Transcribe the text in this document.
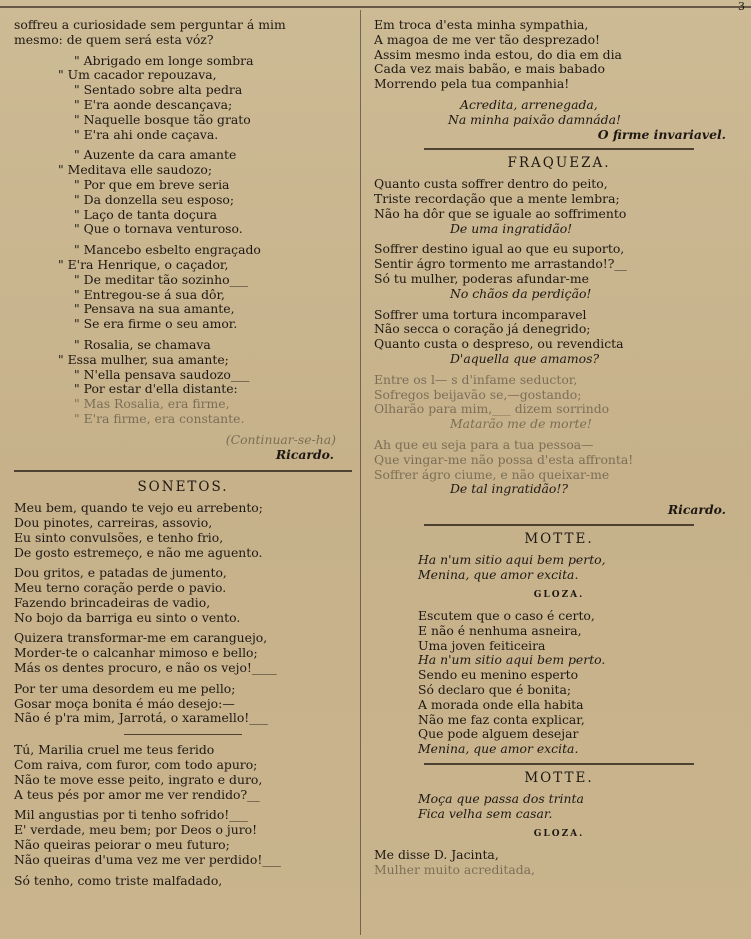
3
soffreu a curiosidade sem perguntar á mim
mesmo: de quem será esta vóz?
" Abrigado em longe sombra
" Um cacador repouzava,
" Sentado sobre alta pedra
" E'ra aonde descançava;
" Naquelle bosque tão grato
" E'ra ahi onde caçava.
" Auzente da cara amante
" Meditava elle saudozo;
" Por que em breve seria
" Da donzella seu esposo;
" Laço de tanta doçura
" Que o tornava venturoso.
" Mancebo esbelto engraçado
" E'ra Henrique, o caçador,
" De meditar tão sozinho___
" Entregou-se á sua dôr,
" Pensava na sua amante,
" Se era firme o seu amor.
" Rosalia, se chamava
" Essa mulher, sua amante;
" N'ella pensava saudozo___
" Por estar d'ella distante:
" Mas Rosalia, era firme,
" E'ra firme, era constante.
(Continuar-se-ha)
Ricardo.
SONETOS.
Meu bem, quando te vejo eu arrebento;
Dou pinotes, carreiras, assovio,
Eu sinto convulsões, e tenho frio,
De gosto estremeço, e não me aguento.
Dou gritos, e patadas de jumento,
Meu terno coração perde o pavio.
Fazendo brincadeiras de vadio,
No bojo da barriga eu sinto o vento.
Quizera transformar-me em caranguejo,
Morder-te o calcanhar mimoso e bello;
Más os dentes procuro, e não os vejo!____
Por ter uma desordem eu me pello;
Gosar moça bonita é máo desejo:—
Não é p'ra mim, Jarrotá, o xaramello!___
Tú, Marilia cruel me teus ferido
Com raiva, com furor, com todo apuro;
Não te move esse peito, ingrato e duro,
A teus pés por amor me ver rendido?__
Mil angustias por ti tenho sofrido!___
E' verdade, meu bem; por Deos o juro!
Não queiras peiorar o meu futuro;
Não queiras d'uma vez me ver perdido!___
Só tenho, como triste malfadado,
Em troca d'esta minha sympathia,
A magoa de me ver tão desprezado!
Assim mesmo inda estou, do dia em dia
Cada vez mais babão, e mais babado
Morrendo pela tua companhia!
Acredita, arrenegada,
Na minha paixão damnáda!
O firme invariavel.
FRAQUEZA.
Quanto custa soffrer dentro do peito,
Triste recordação que a mente lembra;
Não ha dôr que se iguale ao soffrimento
De uma ingratidão!
Soffrer destino igual ao que eu suporto,
Sentir ágro tormento me arrastando!?__
Só tu mulher, poderas afundar-me
No chãos da perdição!
Soffrer uma tortura incomparavel
Não secca o coração já denegrido;
Quanto custa o despreso, ou revendicta
D'aquella que amamos?
Entre os l— s d'infame seductor,
Sofregos beijavão se,—gostando;
Olharão para mim,___ dizem sorrindo
Matarão me de morte!
Ah que eu seja para a tua pessoa—
Que vingar-me não possa d'esta affronta!
Soffrer ágro ciume, e não queixar-me
De tal ingratidão!?
Ricardo.
MOTTE.
Ha n'um sitio aqui bem perto,
Menina, que amor excita.
GLOZA.
Escutem que o caso é certo,
E não é nenhuma asneira,
Uma joven feiticeira
Ha n'um sitio aqui bem perto.
Sendo eu menino esperto
Só declaro que é bonita;
A morada onde ella habita
Não me faz conta explicar,
Que pode alguem desejar
Menina, que amor excita.
MOTTE.
Moça que passa dos trinta
Fica velha sem casar.
GLOZA.
Me disse D. Jacinta,
Mulher muito acreditada,
